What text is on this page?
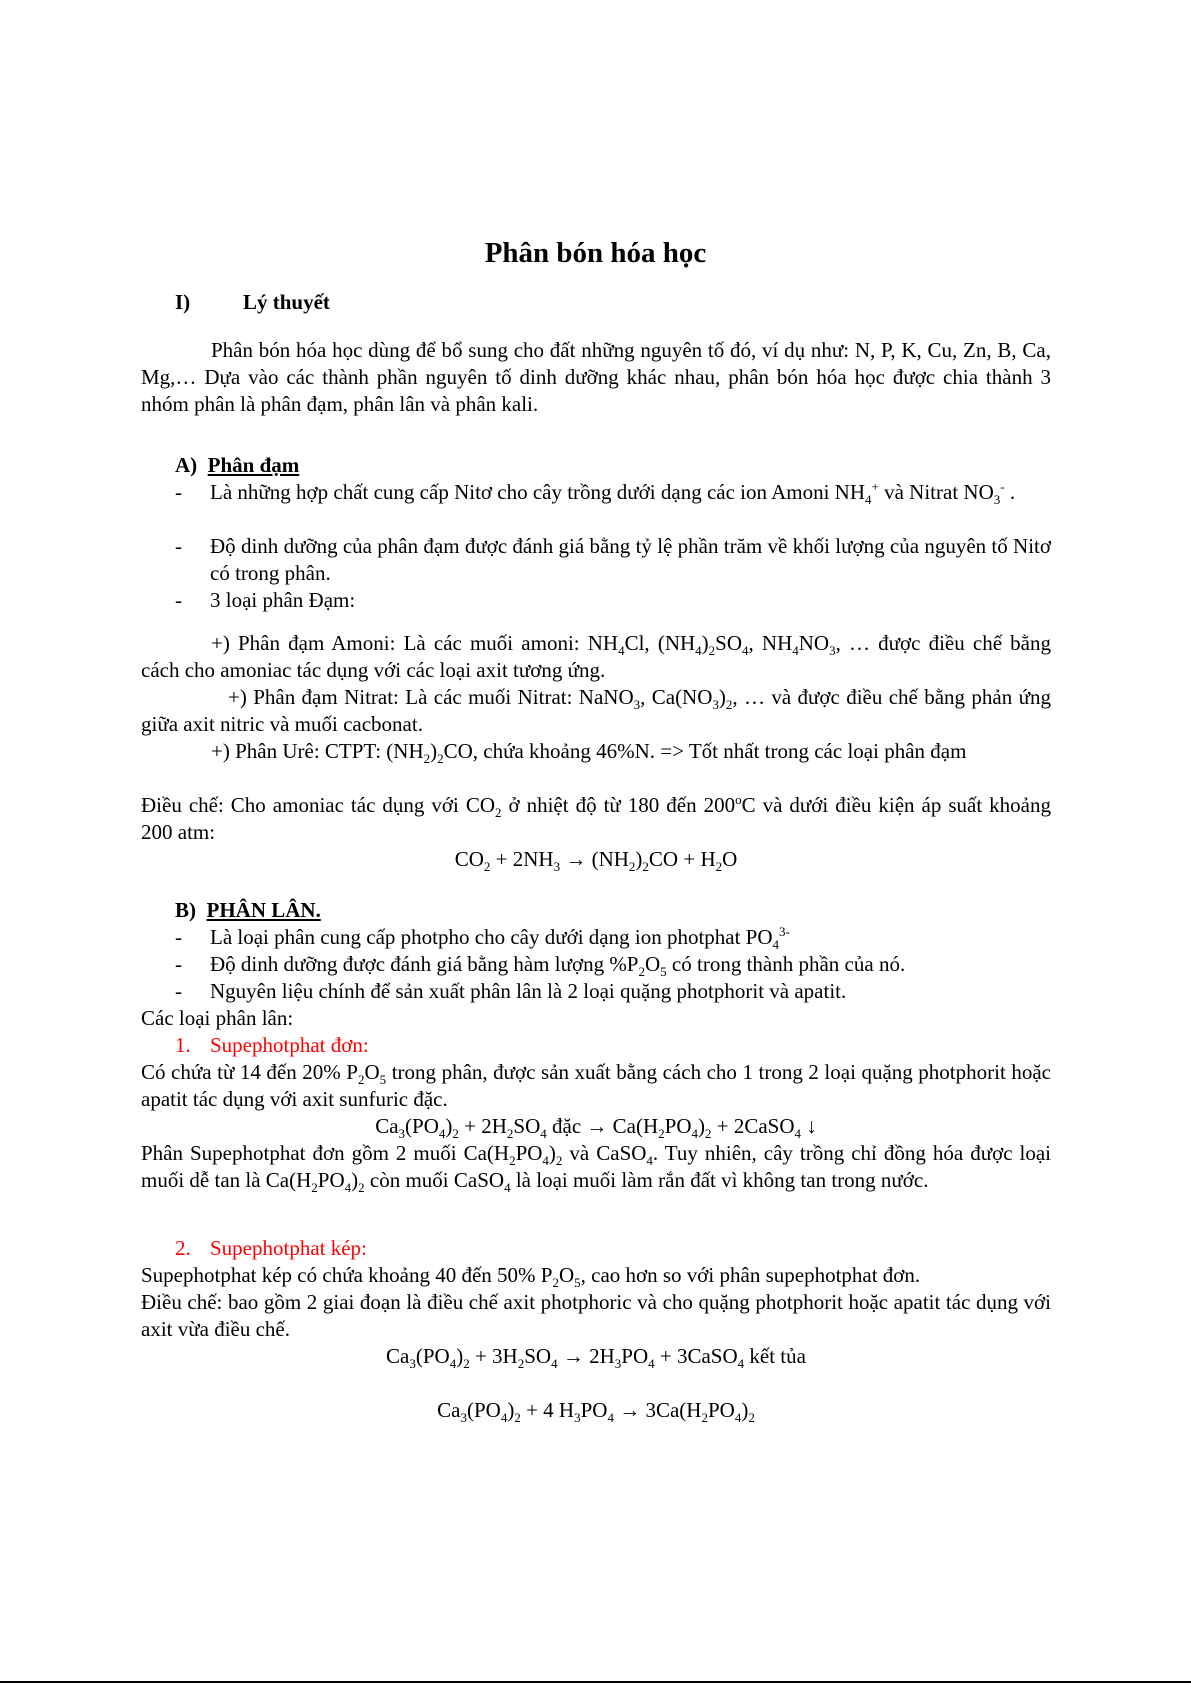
Phân bón hóa học
I)	Lý thuyết
Phân bón hóa học dùng để bổ sung cho đất những nguyên tố đó, ví dụ như: N, P, K, Cu, Zn, B, Ca, Mg,… Dựa vào các thành phần nguyên tố dinh dưỡng khác nhau, phân bón hóa học được chia thành 3 nhóm phân là phân đạm, phân lân và phân kali.
A) Phân đạm
- Là những hợp chất cung cấp Nitơ cho cây trồng dưới dạng các ion Amoni $NH_4^+$ và Nitrat $NO_3^-$ .
- Độ dinh dưỡng của phân đạm được đánh giá bằng tỷ lệ phần trăm về khối lượng của nguyên tố Nitơ có trong phân.
- 3 loại phân Đạm:
+) Phân đạm Amoni: Là các muối amoni: $NH_4Cl$, $(NH_4)_2SO_4$, $NH_4NO_3$, … được điều chế bằng cách cho amoniac tác dụng với các loại axit tương ứng.
+) Phân đạm Nitrat: Là các muối Nitrat: NaNO$_3$, $Ca(NO_3)_2$, … và được điều chế bằng phản ứng giữa axit nitric và muối cacbonat.
+) Phân Urê: CTPT: $(NH_2)_2CO$, chứa khoảng 46%N. => Tốt nhất trong các loại phân đạm
Điều chế: Cho amoniac tác dụng với $CO_2$ ở nhiệt độ từ 180 đến 200$^o$C và dưới điều kiện áp suất khoảng 200 atm:
$CO_2 + 2NH_3 \to (NH_2)_2CO + H_2O$
B) PHÂN LÂN.
- Là loại phân cung cấp photpho cho cây dưới dạng ion photphat $PO_4^{3-}$
- Độ dinh dưỡng được đánh giá bằng hàm lượng $\%P_2O_5$ có trong thành phần của nó.
- Nguyên liệu chính để sản xuất phân lân là 2 loại quặng photphorit và apatit.
Các loại phân lân:
1. Supephotphat đơn:
Có chứa từ 14 đến 20% $P_2O_5$ trong phân, được sản xuất bằng cách cho 1 trong 2 loại quặng photphorit hoặc apatit tác dụng với axit sunfuric đặc.
$Ca_3(PO_4)_2 + 2H_2SO_4$ đặc → $Ca(H_2PO_4)_2$ + 2CaSO$_4$ ↓
Phân Supephotphat đơn gồm 2 muối $Ca(H_2PO_4)_2$ và CaSO$_4$. Tuy nhiên, cây trồng chỉ đồng hóa được loại muối dễ tan là $Ca(H_2PO_4)_2$ còn muối CaSO$_4$ là loại muối làm rắn đất vì không tan trong nước.
2. Supephotphat kép:
Supephotphat kép có chứa khoảng 40 đến 50% $P_2O_5$, cao hơn so với phân supephotphat đơn.
Điều chế: bao gồm 2 giai đoạn là điều chế axit photphoric và cho quặng photphorit hoặc apatit tác dụng với axit vừa điều chế.
$Ca_3(PO_4)_2 + 3H_2SO_4 \to 2H_3PO_4$ + 3CaSO$_4$ kết tủa
$Ca_3(PO_4)_2 + 4$ $H_3PO_4 \to 3Ca(H_2PO_4)_2$
